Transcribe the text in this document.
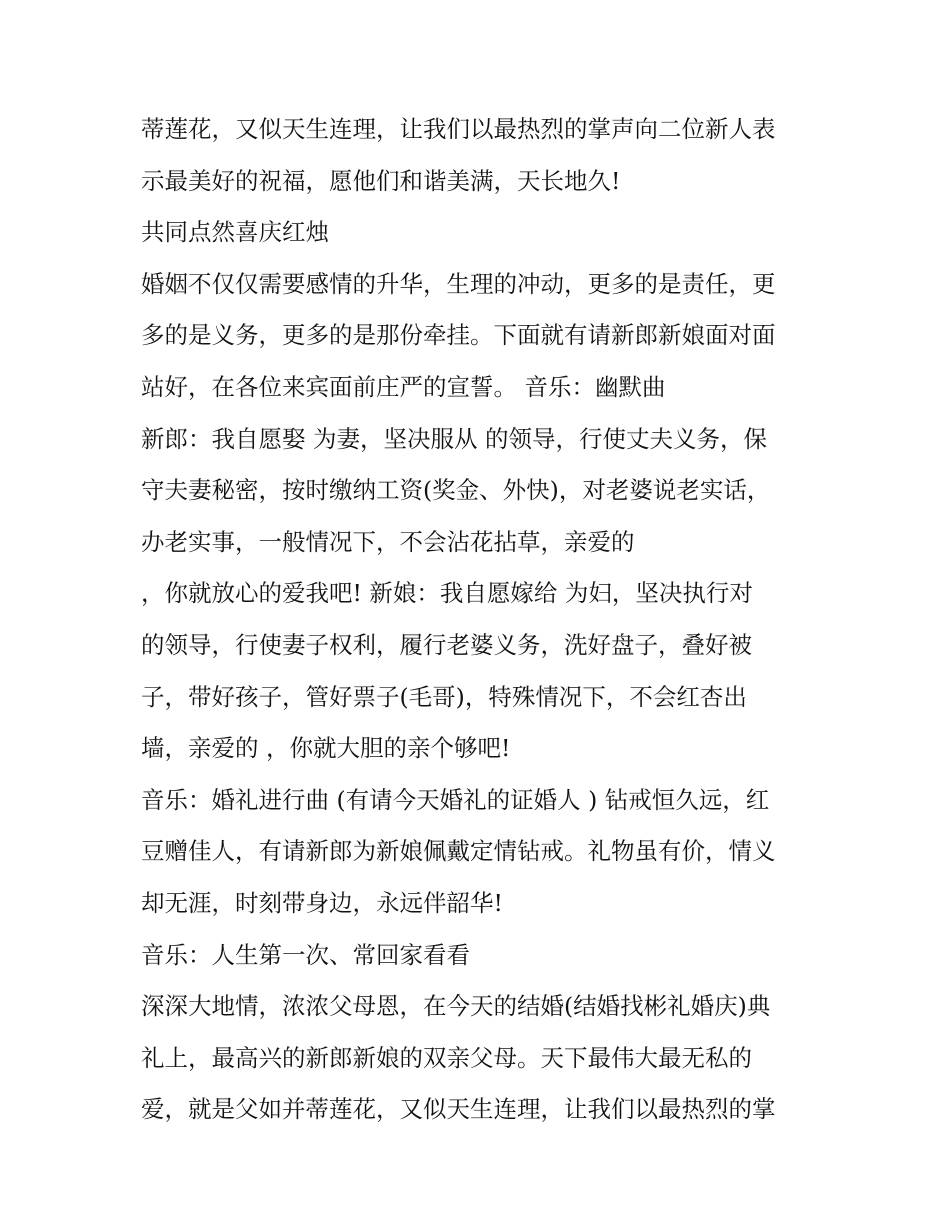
蒂莲花，又似天生连理，让我们以最热烈的掌声向二位新人表
示最美好的祝福，愿他们和谐美满，天长地久!
共同点然喜庆红烛
婚姻不仅仅需要感情的升华，生理的冲动，更多的是责任，更
多的是义务，更多的是那份牵挂。下面就有请新郎新娘面对面
站好，在各位来宾面前庄严的宣誓。 音乐：幽默曲
新郎：我自愿娶 为妻，坚决服从 的领导，行使丈夫义务，保
守夫妻秘密，按时缴纳工资(奖金、外快)，对老婆说老实话，
办老实事，一般情况下，不会沾花拈草，亲爱的
，你就放心的爱我吧! 新娘：我自愿嫁给 为妇，坚决执行对
的领导，行使妻子权利，履行老婆义务，洗好盘子，叠好被
子，带好孩子，管好票子(毛哥)，特殊情况下，不会红杏出
墙，亲爱的 ，你就大胆的亲个够吧!
音乐：婚礼进行曲 (有请今天婚礼的证婚人 ) 钻戒恒久远，红
豆赠佳人，有请新郎为新娘佩戴定情钻戒。礼物虽有价，情义
却无涯，时刻带身边，永远伴韶华!
音乐：人生第一次、常回家看看
深深大地情，浓浓父母恩，在今天的结婚(结婚找彬礼婚庆)典
礼上，最高兴的新郎新娘的双亲父母。天下最伟大最无私的
爱，就是父如并蒂莲花，又似天生连理，让我们以最热烈的掌
